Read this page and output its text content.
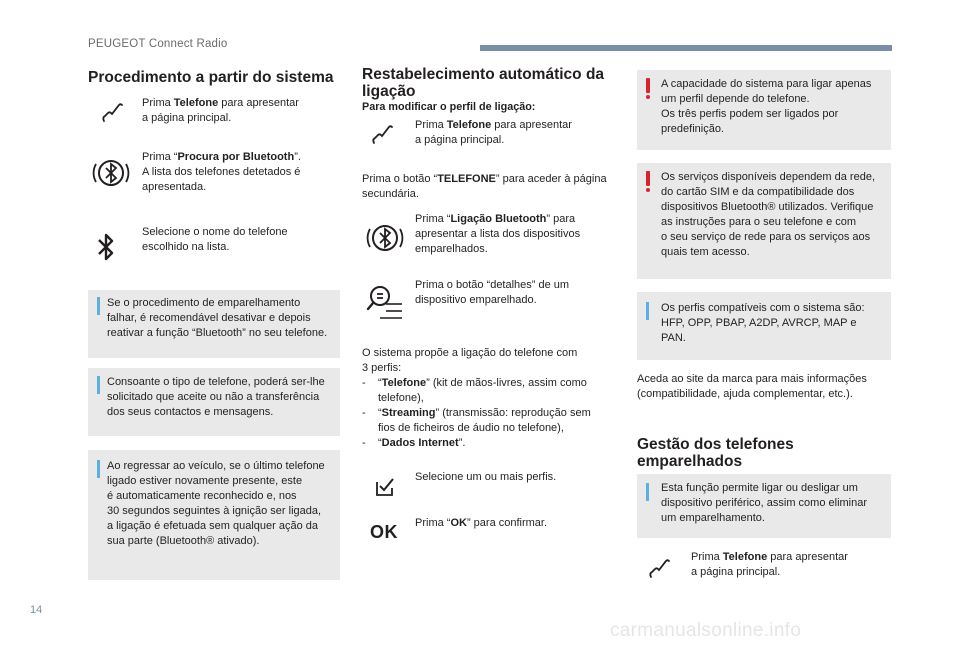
PEUGEOT Connect Radio
Procedimento a partir do sistema
Prima Telefone para apresentar
a página principal.
Prima “Procura por Bluetooth”.
A lista dos telefones detetados é
apresentada.
Selecione o nome do telefone
escolhido na lista.
Se o procedimento de emparelhamento
falhar, é recomendável desativar e depois
reativar a função “Bluetooth” no seu telefone.
Consoante o tipo de telefone, poderá ser-lhe
solicitado que aceite ou não a transferência
dos seus contactos e mensagens.
Ao regressar ao veículo, se o último telefone
ligado estiver novamente presente, este
é automaticamente reconhecido e, nos
30 segundos seguintes à ignição ser ligada,
a ligação é efetuada sem qualquer ação da
sua parte (Bluetooth® ativado).
Restabelecimento automático da
ligação
Para modificar o perfil de ligação:
Prima Telefone para apresentar
a página principal.
Prima o botão “TELEFONE” para aceder à página
secundária.
Prima “Ligação Bluetooth” para
apresentar a lista dos dispositivos
emparelhados.
Prima o botão “detalhes” de um
dispositivo emparelhado.
O sistema propõe a ligação do telefone com
3 perfis:
- “Telefone” (kit de mãos-livres, assim como
telefone),
- “Streaming” (transmissão: reprodução sem
fios de ficheiros de áudio no telefone),
- “Dados Internet”.
Selecione um ou mais perfis.
OK Prima “OK” para confirmar.
A capacidade do sistema para ligar apenas
um perfil depende do telefone.
Os três perfis podem ser ligados por
predefinição.
Os serviços disponíveis dependem da rede,
do cartão SIM e da compatibilidade dos
dispositivos Bluetooth® utilizados. Verifique
as instruções para o seu telefone e com
o seu serviço de rede para os serviços aos
quais tem acesso.
Os perfis compatíveis com o sistema são:
HFP, OPP, PBAP, A2DP, AVRCP, MAP e
PAN.
Aceda ao site da marca para mais informações
(compatibilidade, ajuda complementar, etc.).
Gestão dos telefones
emparelhados
Esta função permite ligar ou desligar um
dispositivo periférico, assim como eliminar
um emparelhamento.
Prima Telefone para apresentar
a página principal.
14
carmanualsonline.info
